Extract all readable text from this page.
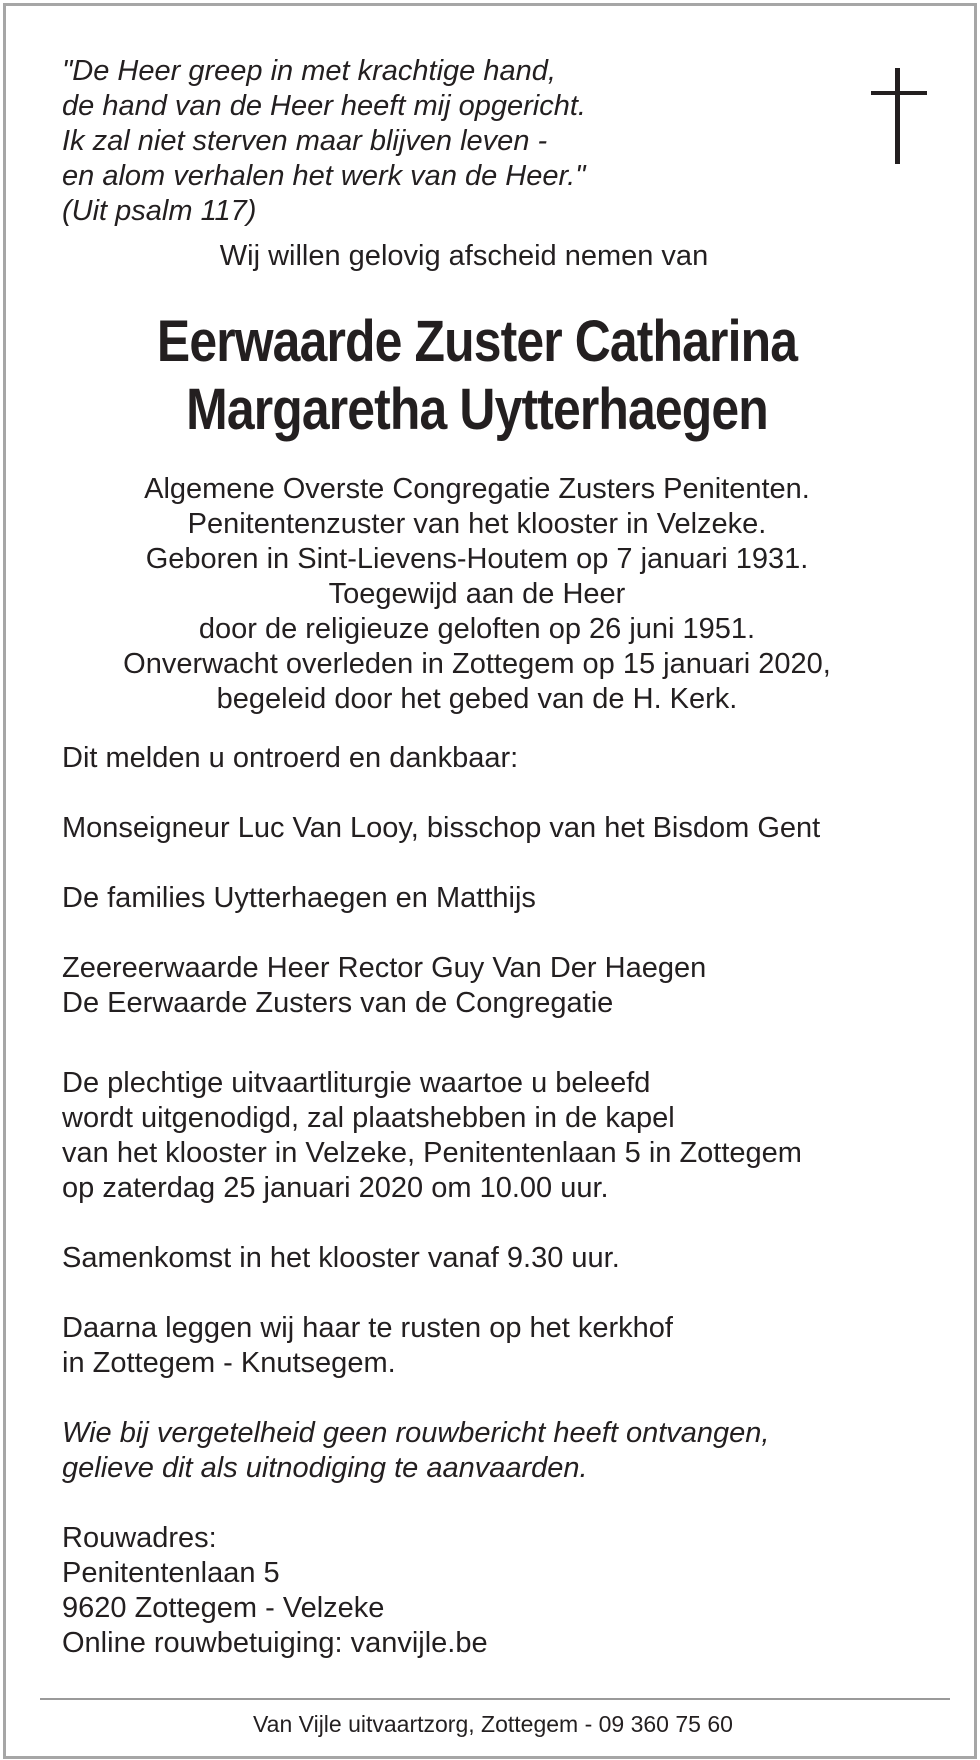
"De Heer greep in met krachtige hand,
de hand van de Heer heeft mij opgericht.
Ik zal niet sterven maar blijven leven -
en alom verhalen het werk van de Heer."
(Uit psalm 117)
Wij willen gelovig afscheid nemen van
Eerwaarde Zuster Catharina
Margaretha Uytterhaegen
Algemene Overste Congregatie Zusters Penitenten.
Penitentenzuster van het klooster in Velzeke.
Geboren in Sint-Lievens-Houtem op 7 januari 1931.
Toegewijd aan de Heer
door de religieuze geloften op 26 juni 1951.
Onverwacht overleden in Zottegem op 15 januari 2020,
begeleid door het gebed van de H. Kerk.
Dit melden u ontroerd en dankbaar:
Monseigneur Luc Van Looy, bisschop van het Bisdom Gent
De families Uytterhaegen en Matthijs
Zeereerwaarde Heer Rector Guy Van Der Haegen
De Eerwaarde Zusters van de Congregatie
De plechtige uitvaartliturgie waartoe u beleefd
wordt uitgenodigd, zal plaatshebben in de kapel
van het klooster in Velzeke, Penitentenlaan 5 in Zottegem
op zaterdag 25 januari 2020 om 10.00 uur.
Samenkomst in het klooster vanaf 9.30 uur.
Daarna leggen wij haar te rusten op het kerkhof
in Zottegem - Knutsegem.
Wie bij vergetelheid geen rouwbericht heeft ontvangen,
gelieve dit als uitnodiging te aanvaarden.
Rouwadres:
Penitentenlaan 5
9620 Zottegem - Velzeke
Online rouwbetuiging: vanvijle.be
Van Vijle uitvaartzorg, Zottegem - 09 360 75 60
